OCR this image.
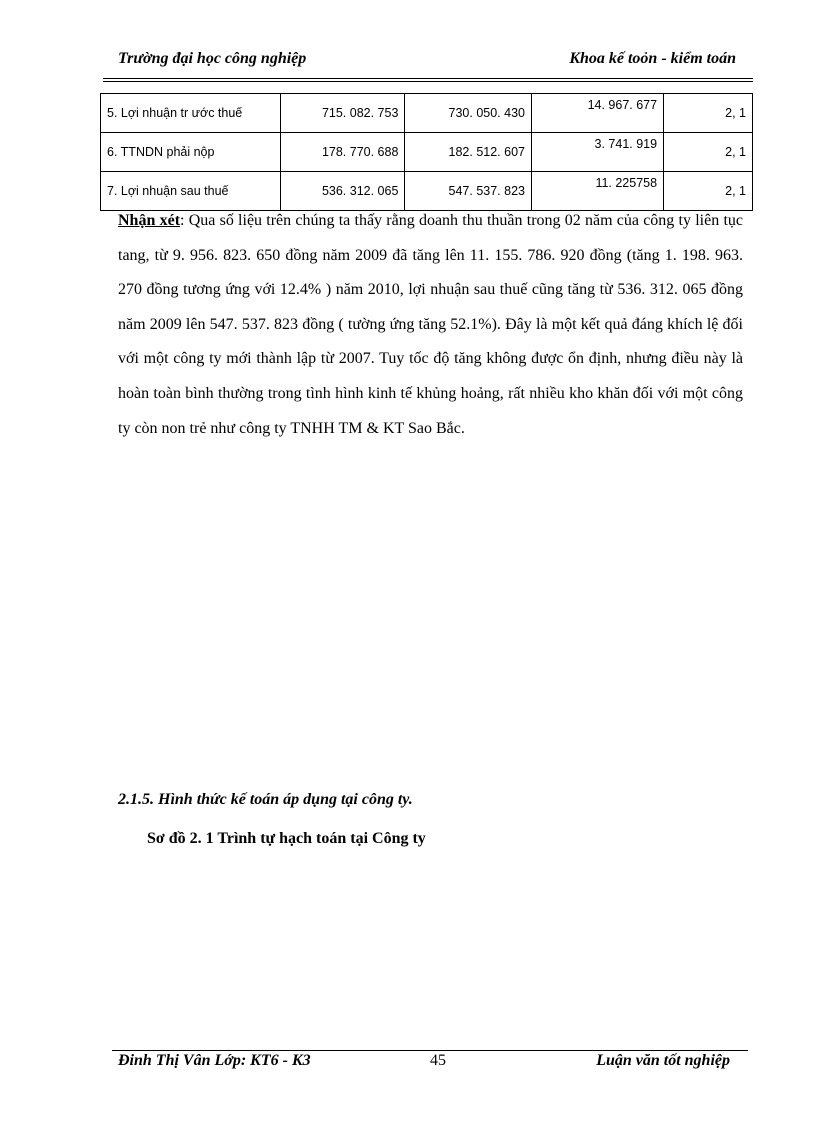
Trường đại học công nghiệp	Khoa kế toỏn - kiểm toán
5. Lợi nhuận tr ước thuế	715. 082. 753	730. 050. 430	14. 967. 677	2, 1
6. TTNDN phải nộp	178. 770. 688	182. 512. 607	3. 741. 919	2, 1
7. Lợi nhuận sau thuế	536. 312. 065	547. 537. 823	11. 225758	2, 1
Nhận xét: Qua số liệu trên chúng ta thấy rằng doanh thu thuần trong 02 năm của công ty liên tục tang, từ 9. 956. 823. 650 đồng năm 2009 đã tăng lên 11. 155. 786. 920 đồng (tăng 1. 198. 963. 270 đồng tương ứng với 12.4% ) năm 2010, lợi nhuận sau thuế cũng tăng từ 536. 312. 065 đồng năm 2009 lên 547. 537. 823 đồng ( tường ứng tăng 52.1%). Đây là một kết quả đáng khích lệ đối với một công ty mới thành lập từ 2007. Tuy tốc độ tăng không được ổn định, nhưng điều này là hoàn toàn bình thường trong tình hình kinh tế khủng hoảng, rất nhiều kho khăn đối với một công ty còn non trẻ như công ty TNHH TM & KT Sao Bắc.
2.1.5. Hình thức kế toán áp dụng tại công ty.
Sơ đồ 2. 1 Trình tự hạch toán tại Công ty
Đinh Thị Vân Lớp: KT6 - K3	45	Luận văn tốt nghiệp
